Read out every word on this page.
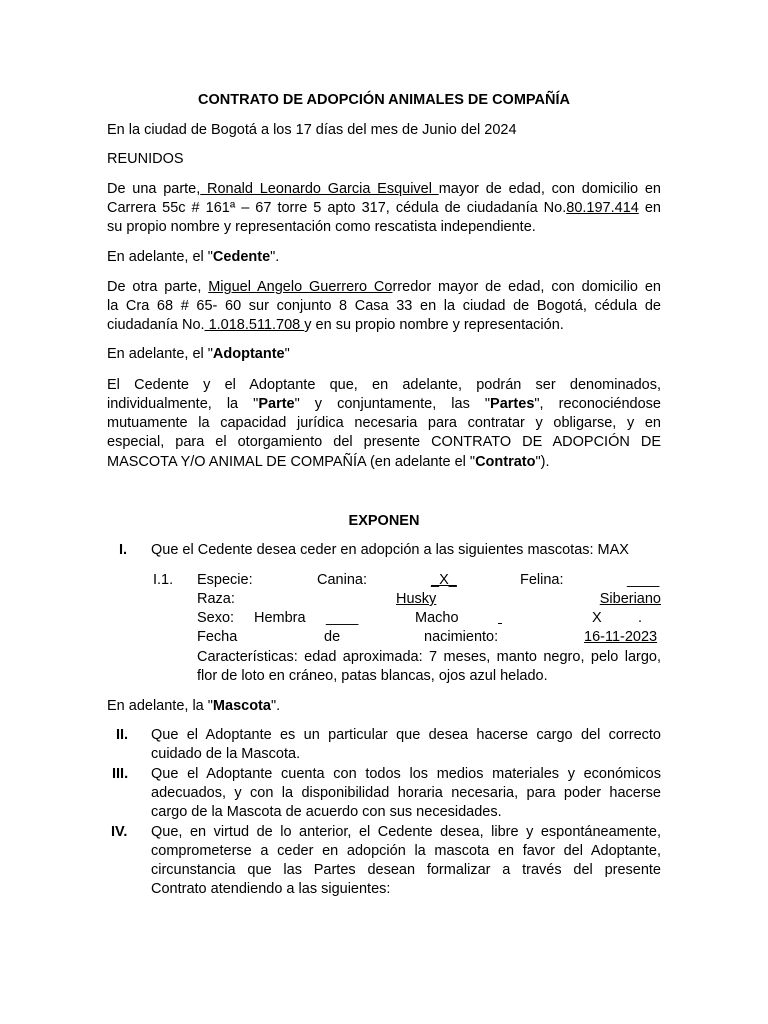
CONTRATO DE ADOPCIÓN ANIMALES DE COMPAÑÍA
En la ciudad de Bogotá a los 17 días del mes de Junio del 2024
REUNIDOS
De una parte, Ronald Leonardo Garcia Esquivel mayor de edad, con domicilio en
Carrera 55c # 161ª – 67 torre 5 apto 317, cédula de ciudadanía No.80.197.414 en
su propio nombre y representación como rescatista independiente.
En adelante, el "Cedente".
De otra parte, Miguel Angelo Guerrero Corredor mayor de edad, con domicilio en
la Cra 68 # 65- 60 sur conjunto 8 Casa 33 en la ciudad de Bogotá, cédula de
ciudadanía No. 1.018.511.708 y en su propio nombre y representación.
En adelante, el "Adoptante"
El Cedente y el Adoptante que, en adelante, podrán ser denominados,
individualmente, la "Parte" y conjuntamente, las "Partes", reconociéndose
mutuamente la capacidad jurídica necesaria para contratar y obligarse, y en
especial, para el otorgamiento del presente CONTRATO DE ADOPCIÓN DE
MASCOTA Y/O ANIMAL DE COMPAÑÍA (en adelante el "Contrato").
EXPONEN
I. Que el Cedente desea ceder en adopción a las siguientes mascotas: MAX
I.1. Especie:	Canina:	_X_	Felina:	____
Raza:	Husky	Siberiano
Sexo: Hembra ____	Macho	X	.

Fecha	de	nacimiento:	16-11-2023
Características: edad aproximada: 7 meses, manto negro, pelo largo,
flor de loto en cráneo, patas blancas, ojos azul helado.
En adelante, la "Mascota".
II. Que el Adoptante es un particular que desea hacerse cargo del correcto
cuidado de la Mascota.
III. Que el Adoptante cuenta con todos los medios materiales y económicos
adecuados, y con la disponibilidad horaria necesaria, para poder hacerse
cargo de la Mascota de acuerdo con sus necesidades.
IV. Que, en virtud de lo anterior, el Cedente desea, libre y espontáneamente,
comprometerse a ceder en adopción la mascota en favor del Adoptante,
circunstancia que las Partes desean formalizar a través del presente
Contrato atendiendo a las siguientes:
